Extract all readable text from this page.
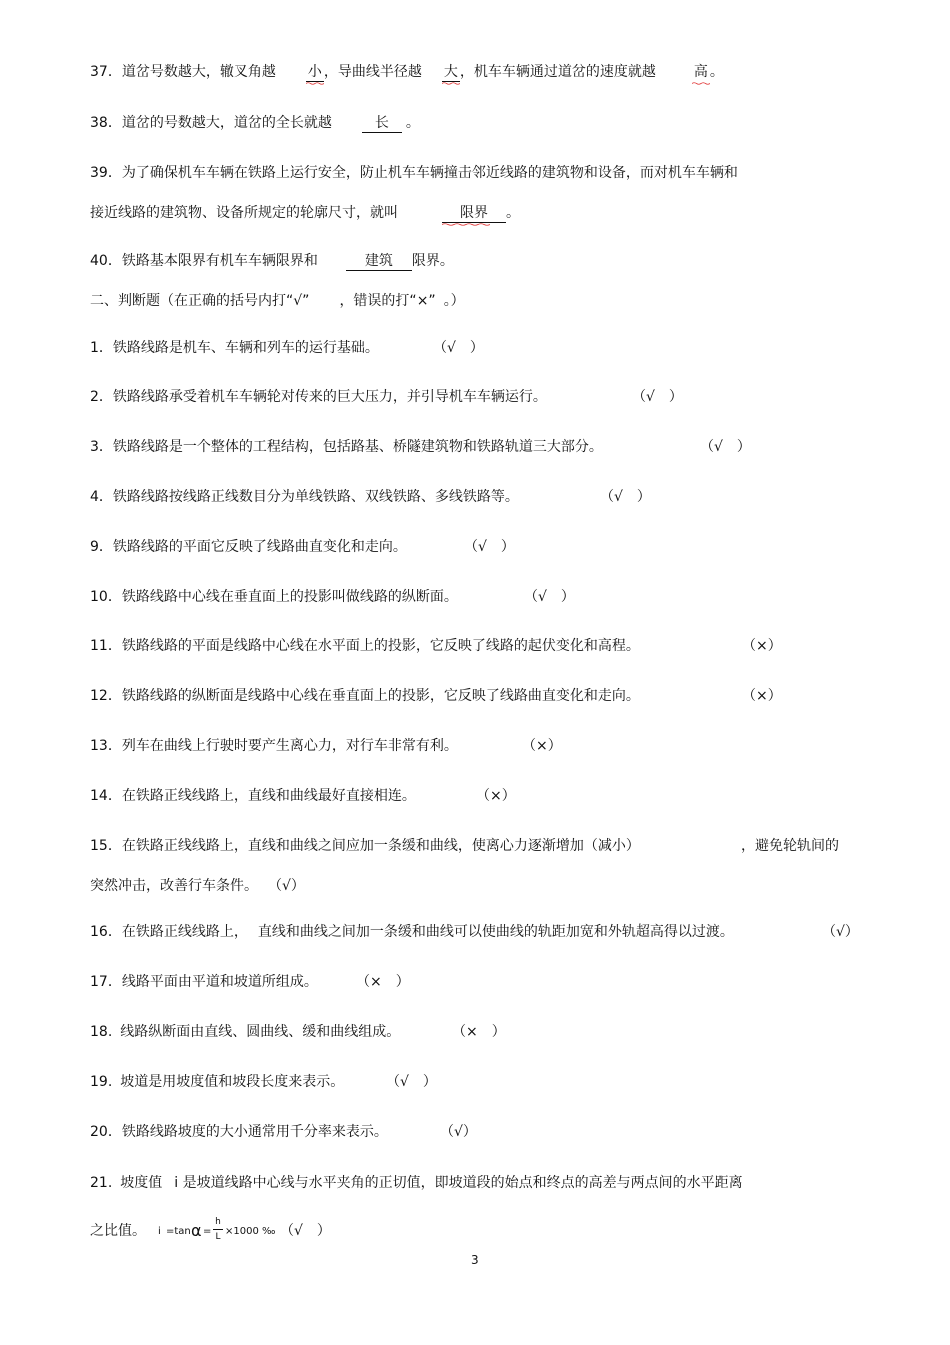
37．道岔号数越大，辙叉角越 小 ，导曲线半径越 大 ，机车车辆通过道岔的速度就越	高 。
38．道岔的号数越大，道岔的全长就越	长 。
39．为了确保机车车辆在铁路上运行安全，防止机车车辆撞击邻近线路的建筑物和设备，而对机车车辆和
接近线路的建筑物、设备所规定的轮廓尺寸，就叫	限界 。
40．铁路基本限界有机车车辆限界和	建筑 限界。
二、判断题（在正确的括号内打“√” ，错误的打“×” 。）
1．铁路线路是机车、车辆和列车的运行基础。	（√　）
2．铁路线路承受着机车车辆轮对传来的巨大压力，并引导机车车辆运行。	（√　）
3．铁路线路是一个整体的工程结构，包括路基、桥隧建筑物和铁路轨道三大部分。	（√　）
4．铁路线路按线路正线数目分为单线铁路、双线铁路、多线铁路等。	（√　）
9．铁路线路的平面它反映了线路曲直变化和走向。	（√　）
10．铁路线路中心线在垂直面上的投影叫做线路的纵断面。	（√　）
11．铁路线路的平面是线路中心线在水平面上的投影，它反映了线路的起伏变化和高程。	（×）
12．铁路线路的纵断面是线路中心线在垂直面上的投影，它反映了线路曲直变化和走向。	（×）
13．列车在曲线上行驶时要产生离心力，对行车非常有利。	（×）
14．在铁路正线线路上，直线和曲线最好直接相连。	（×）
15．在铁路正线线路上，直线和曲线之间应加一条缓和曲线，使离心力逐渐增加（减小）	，避免轮轨间的
突然冲击，改善行车条件。 （√）
16．在铁路正线线路上， 直线和曲线之间加一条缓和曲线可以使曲线的轨距加宽和外轨超高得以过渡。	（√）
17．线路平面由平道和坡道所组成。	（×　）
18. 线路纵断面由直线、圆曲线、缓和曲线组成。	（×　）
19. 坡道是用坡度值和坡段长度来表示。	（√　）
20．铁路线路坡度的大小通常用千分率来表示。	（√）
21. 坡度值 i 是坡道线路中心线与水平夹角的正切值，即坡道段的始点和终点的高差与两点间的水平距离
之比值。 i =tan α =
h
L ×1000 ‰ （√　）
3
